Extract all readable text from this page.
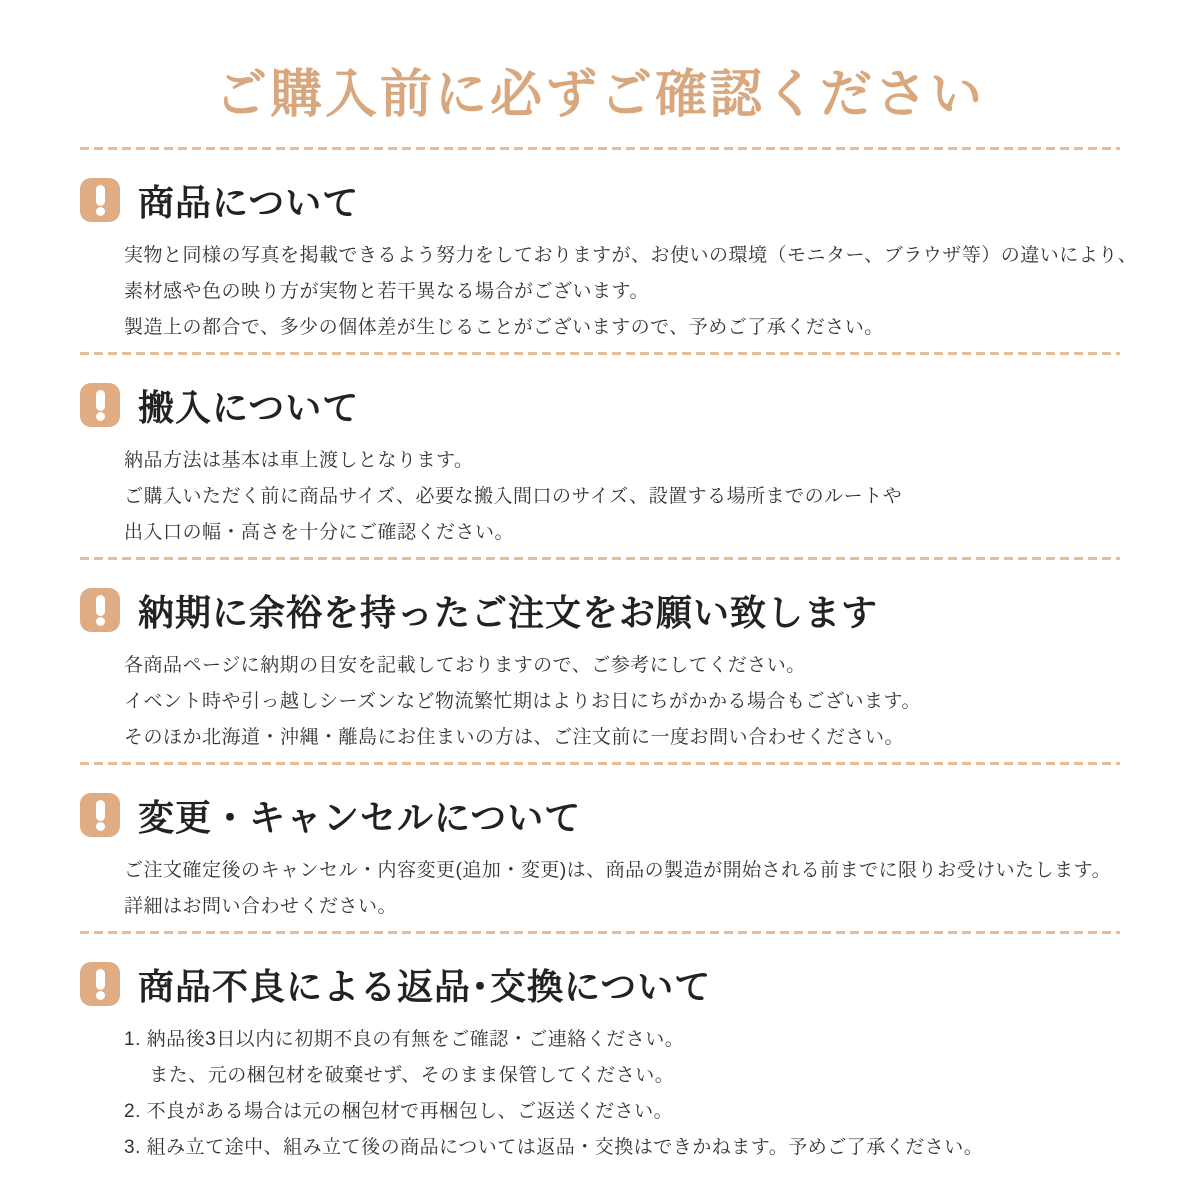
ご購入前に必ずご確認ください
商品について

実物と同様の写真を掲載できるよう努力をしておりますが、お使いの環境（モニター、ブラウザ等）の違いにより、

素材感や色の映り方が実物と若干異なる場合がございます。

製造上の都合で、多少の個体差が生じることがございますので、予めご了承ください。

搬入について

納品方法は基本は車上渡しとなります。

ご購入いただく前に商品サイズ、必要な搬入間口のサイズ、設置する場所までのルートや

出入口の幅・高さを十分にご確認ください。

納期に余裕を持ったご注文をお願い致します

各商品ページに納期の目安を記載しておりますので、ご参考にしてください。

イベント時や引っ越しシーズンなど物流繁忙期はよりお日にちがかかる場合もございます。

そのほか北海道・沖縄・離島にお住まいの方は、ご注文前に一度お問い合わせください。

変更・キャンセルについて

ご注文確定後のキャンセル・内容変更(追加・変更)は、商品の製造が開始される前までに限りお受けいたします。

詳細はお問い合わせください。

商品不良による返品･交換について

1. 納品後3日以内に初期不良の有無をご確認・ご連絡ください。

　 また、元の梱包材を破棄せず、そのまま保管してください。

2. 不良がある場合は元の梱包材で再梱包し、ご返送ください。

3. 組み立て途中、組み立て後の商品については返品・交換はできかねます。予めご了承ください。
